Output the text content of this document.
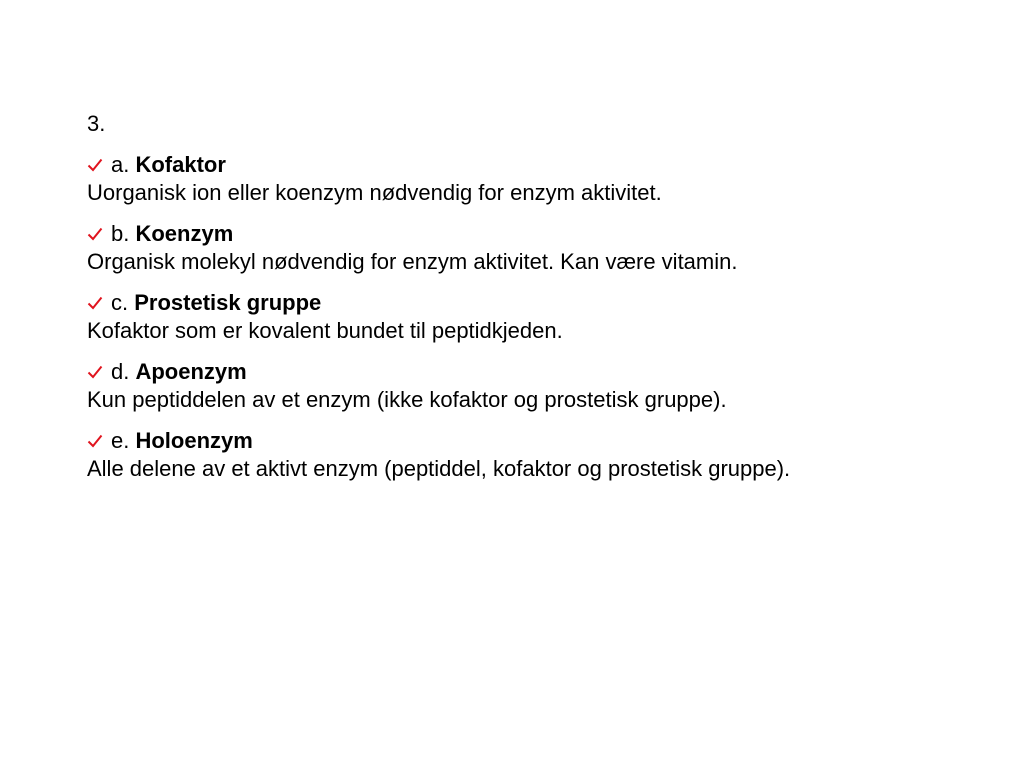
3.
a. Kofaktor
Uorganisk ion eller koenzym nødvendig for enzym aktivitet.
b. Koenzym
Organisk molekyl nødvendig for enzym aktivitet. Kan være vitamin.
c. Prostetisk gruppe
Kofaktor som er kovalent bundet til peptidkjeden.
d. Apoenzym
Kun peptiddelen av et enzym (ikke kofaktor og prostetisk gruppe).
e. Holoenzym
Alle delene av et aktivt enzym (peptiddel, kofaktor og prostetisk gruppe).
